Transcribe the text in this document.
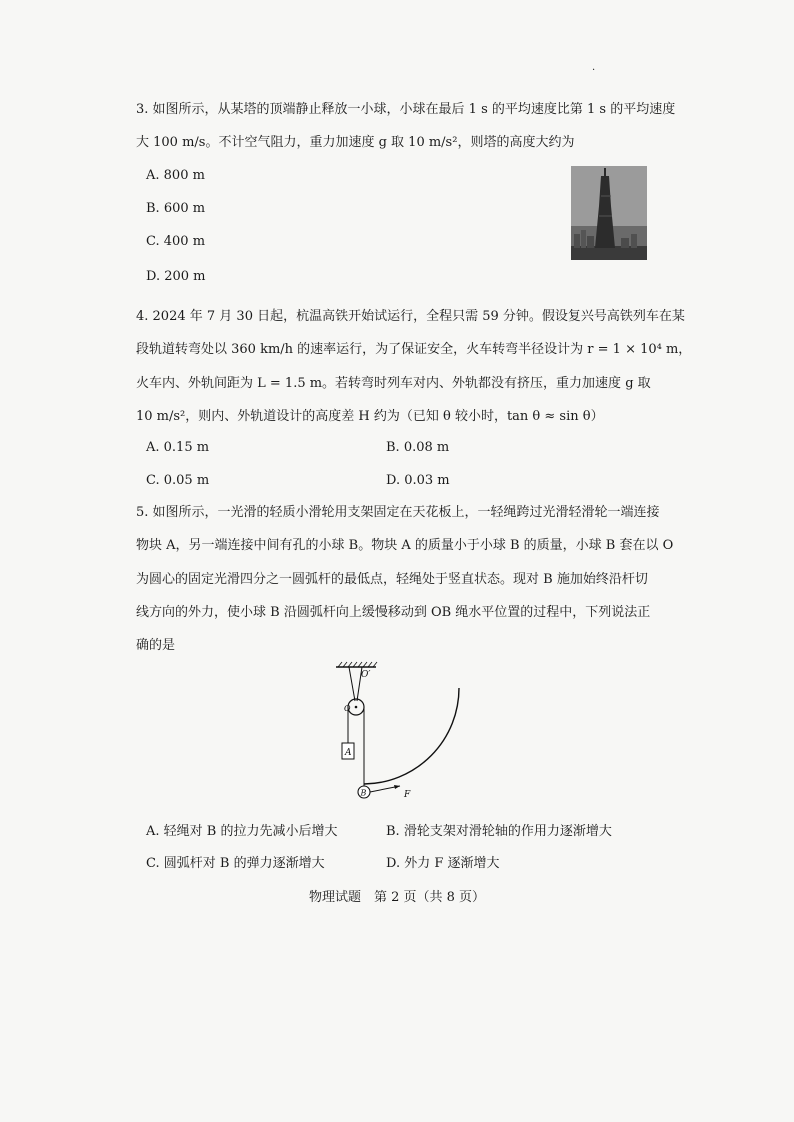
.
3. 如图所示，从某塔的顶端静止释放一小球，小球在最后 1 s 的平均速度比第 1 s 的平均速度
大 100 m/s。不计空气阻力，重力加速度 g 取 10 m/s²，则塔的高度大约为
A. 800 m
B. 600 m
C. 400 m
D. 200 m
4. 2024 年 7 月 30 日起，杭温高铁开始试运行，全程只需 59 分钟。假设复兴号高铁列车在某
段轨道转弯处以 360 km/h 的速率运行，为了保证安全，火车转弯半径设计为 r = 1 × 10⁴ m，
火车内、外轨间距为 L = 1.5 m。若转弯时列车对内、外轨都没有挤压，重力加速度 g 取
10 m/s²，则内、外轨道设计的高度差 H 约为（已知 θ 较小时，tan θ ≈ sin θ）
A. 0.15 m	B. 0.08 m
C. 0.05 m	D. 0.03 m
5. 如图所示，一光滑的轻质小滑轮用支架固定在天花板上，一轻绳跨过光滑轻滑轮一端连接
物块 A，另一端连接中间有孔的小球 B。物块 A 的质量小于小球 B 的质量，小球 B 套在以 O
为圆心的固定光滑四分之一圆弧杆的最低点，轻绳处于竖直状态。现对 B 施加始终沿杆切
线方向的外力，使小球 B 沿圆弧杆向上缓慢移动到 OB 绳水平位置的过程中，下列说法正
确的是
O′
O
A
B	F
A. 轻绳对 B 的拉力先减小后增大	B. 滑轮支架对滑轮轴的作用力逐渐增大
C. 圆弧杆对 B 的弹力逐渐增大	D. 外力 F 逐渐增大
物理试题　第 2 页（共 8 页）
